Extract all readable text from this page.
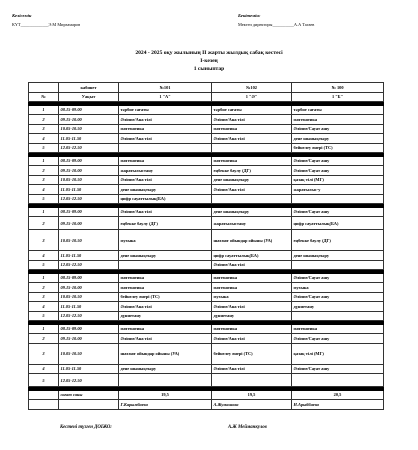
Келісемін
КҮТ_____________Э.М Мирзамаров
Бекітемін:
Мектеп директоры__________А.А Тагаев
2024 - 2025 оқу жылының ІІ жарты жылдық сабақ кестесі
І-кезең
1 сыныптар
	кабинет	№101	№102	№ 100
№	Уақыт	1 "А"	1 "Ә"	1 "Б"

1	08.15-09.00	тәрбие сағаты	тәрбие сағаты	тәрбие сағаты
2	09.15-10.00	Әліппе/Ана тілі	Әліппе/Ана тілі	математика
3	10.05-10.50	математика	математика	Әліппе/Сауат ашу
4	11.05-11.50	Әліппе/Ана тілі	Әліппе/Ана тілі	дене шынықтыру
5	12.05-12.50			бейнелеу өнері (ТС)

1	08.15-09.00	математика	математика	Әліппе/Сауат ашу
2	09.15-10.00	жаратылыстану	еңбекке баулу (ДГ)	Әліппе/Сауат ашу
3	10.05-10.50	Әліппе/Ана тілі	дене шынықтыру	қазақ тілі (МГ)
4	11.05-11.50	дене шынықтыру	Әліппе/Ана тілі	жаратылыс-у
5	12.05-12.50	цифр сауаттылық(БА)		

1	08.15-09.00	Әліппе/Ана тілі	дене шынықтыру	Әліппе/Сауат ашу
2	09.15-10.00	еңбекке баулу (ДГ)	жаратылыстану	цифр сауаттылық(БА)
3	10.05-10.50	музыка	шахмат ойындар ойыны (УА)	еңбекке баулу (ДГ)
4	11.05-11.50	дене шынықтыру	цифр сауаттылық(БА)	дене шынықтыру
5	12.05-12.50		Әліппе/Ана тілі	

1	08.15-09.00	математика	математика	Әліппе/Сауат ашу
2	09.15-10.00	математика	математика	музыка
3	10.05-10.50	бейнелеу өнері (ТС)	музыка	Әліппе/Сауат ашу
4	11.05-11.50	Әліппе/Ана тілі	Әліппе/Ана тілі	дүниетану
5	12.05-12.50	дүниетану	дүниетану	

1	08.15-09.00	математика	математика	математика
2	09.15-10.00	Әліппе/Ана тілі	Әліппе/Ана тілі	Әліппе/Сауат ашу
3	10.05-10.50	шахмат ойындар ойыны (УА)	бейнелеу өнері (ТС)	қазақ тілі (МГ)
4	11.05-11.50	дене шынықтыру	Әліппе/Ана тілі	Әліппе/Сауат ашу
5	12.05-12.50			

	сағат саны	19,5	19,5	20,5
		Г.Карымбаева	А.Жумашова	Н.Арыббаева
Кестені түзген ДОІЖО:	А.Ж Мейманкулов
